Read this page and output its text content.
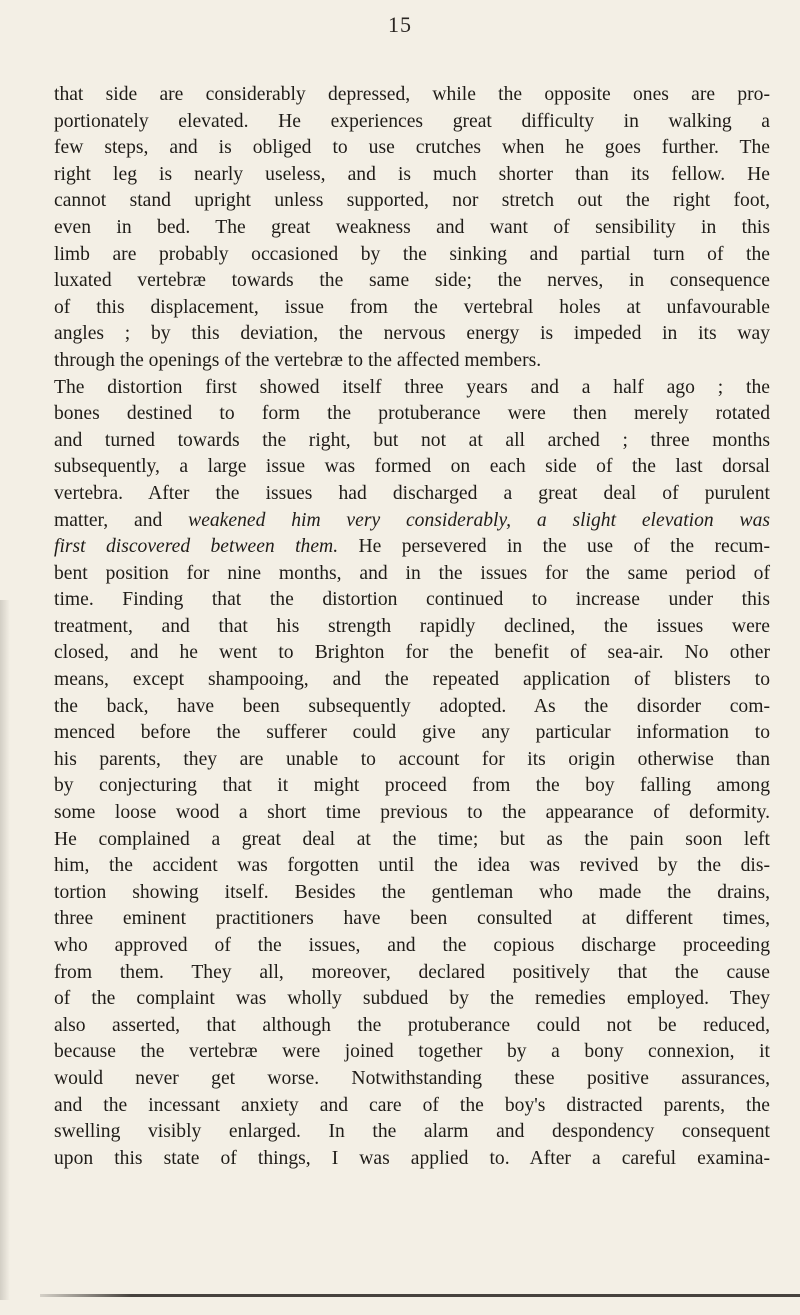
15
that side are considerably depressed, while the opposite ones are pro-
portionately elevated. He experiences great difficulty in walking a
few steps, and is obliged to use crutches when he goes further. The
right leg is nearly useless, and is much shorter than its fellow. He
cannot stand upright unless supported, nor stretch out the right foot,
even in bed. The great weakness and want of sensibility in this
limb are probably occasioned by the sinking and partial turn of the
luxated vertebræ towards the same side; the nerves, in consequence
of this displacement, issue from the vertebral holes at unfavourable
angles ; by this deviation, the nervous energy is impeded in its way
through the openings of the vertebræ to the affected members.
The distortion first showed itself three years and a half ago ; the
bones destined to form the protuberance were then merely rotated
and turned towards the right, but not at all arched ; three months
subsequently, a large issue was formed on each side of the last dorsal
vertebra. After the issues had discharged a great deal of purulent
matter, and weakened him very considerably, a slight elevation was
first discovered between them. He persevered in the use of the recum-
bent position for nine months, and in the issues for the same period of
time. Finding that the distortion continued to increase under this
treatment, and that his strength rapidly declined, the issues were
closed, and he went to Brighton for the benefit of sea-air. No other
means, except shampooing, and the repeated application of blisters to
the back, have been subsequently adopted. As the disorder com-
menced before the sufferer could give any particular information to
his parents, they are unable to account for its origin otherwise than
by conjecturing that it might proceed from the boy falling among
some loose wood a short time previous to the appearance of deformity.
He complained a great deal at the time; but as the pain soon left
him, the accident was forgotten until the idea was revived by the dis-
tortion showing itself. Besides the gentleman who made the drains,
three eminent practitioners have been consulted at different times,
who approved of the issues, and the copious discharge proceeding
from them. They all, moreover, declared positively that the cause
of the complaint was wholly subdued by the remedies employed. They
also asserted, that although the protuberance could not be reduced,
because the vertebræ were joined together by a bony connexion, it
would never get worse. Notwithstanding these positive assurances,
and the incessant anxiety and care of the boy's distracted parents, the
swelling visibly enlarged. In the alarm and despondency consequent
upon this state of things, I was applied to. After a careful examina-
